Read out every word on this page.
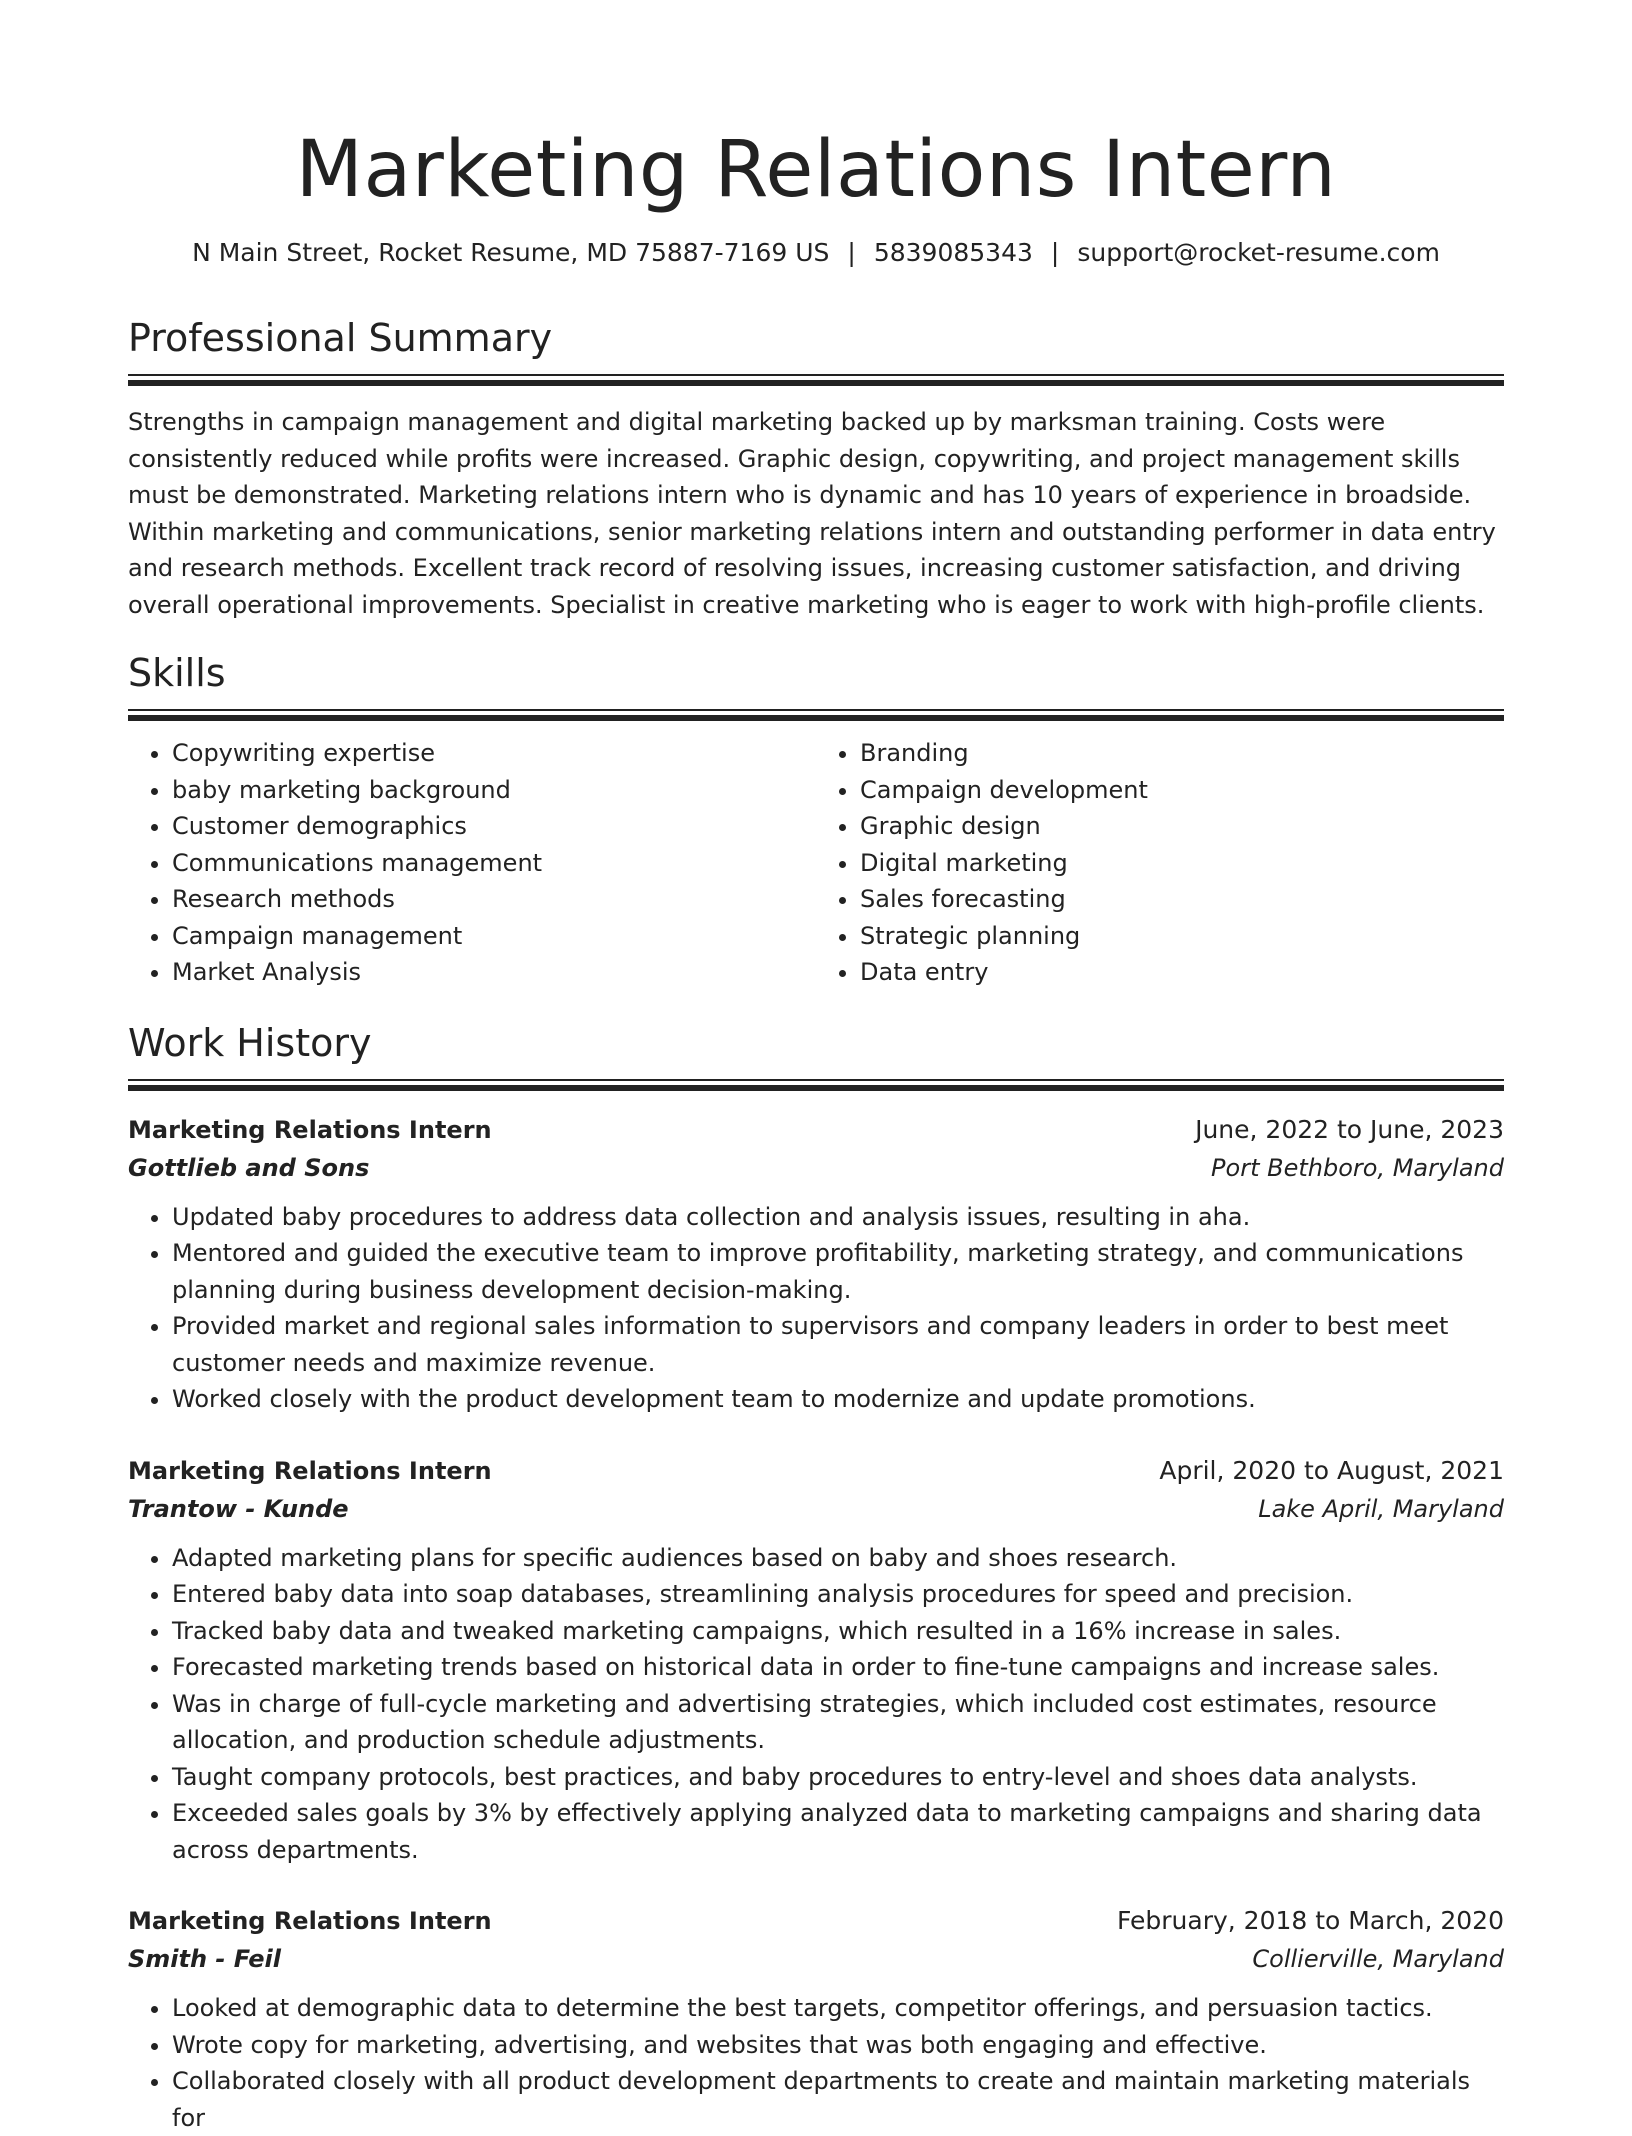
Marketing Relations Intern
N Main Street, Rocket Resume, MD 75887-7169 US | 5839085343 | support@rocket-resume.com
Professional Summary

Strengths in campaign management and digital marketing backed up by marksman training. Costs were consistently reduced while profits were increased. Graphic design, copywriting, and project management skills must be demonstrated. Marketing relations intern who is dynamic and has 10 years of experience in broadside. Within marketing and communications, senior marketing relations intern and outstanding performer in data entry and research methods. Excellent track record of resolving issues, increasing customer satisfaction, and driving overall operational improvements. Specialist in creative marketing who is eager to work with high-profile clients.

Skills
• Copywriting expertise
• baby marketing background
• Customer demographics
• Communications management
• Research methods
• Campaign management
• Market Analysis
• Branding
• Campaign development
• Graphic design
• Digital marketing
• Sales forecasting
• Strategic planning
• Data entry
Work History
Marketing Relations Intern	June, 2022 to June, 2023
Gottlieb and Sons	Port Bethboro, Maryland
• Updated baby procedures to address data collection and analysis issues, resulting in aha.
• Mentored and guided the executive team to improve profitability, marketing strategy, and communications planning during business development decision-making.
• Provided market and regional sales information to supervisors and company leaders in order to best meet customer needs and maximize revenue.
• Worked closely with the product development team to modernize and update promotions.
Marketing Relations Intern	April, 2020 to August, 2021
Trantow - Kunde	Lake April, Maryland
• Adapted marketing plans for specific audiences based on baby and shoes research.
• Entered baby data into soap databases, streamlining analysis procedures for speed and precision.
• Tracked baby data and tweaked marketing campaigns, which resulted in a 16% increase in sales.
• Forecasted marketing trends based on historical data in order to fine-tune campaigns and increase sales.
• Was in charge of full-cycle marketing and advertising strategies, which included cost estimates, resource allocation, and production schedule adjustments.
• Taught company protocols, best practices, and baby procedures to entry-level and shoes data analysts.
• Exceeded sales goals by 3% by effectively applying analyzed data to marketing campaigns and sharing data across departments.
Marketing Relations Intern	February, 2018 to March, 2020
Smith - Feil	Collierville, Maryland
• Looked at demographic data to determine the best targets, competitor offerings, and persuasion tactics.
• Wrote copy for marketing, advertising, and websites that was both engaging and effective.
• Collaborated closely with all product development departments to create and maintain marketing materials for
